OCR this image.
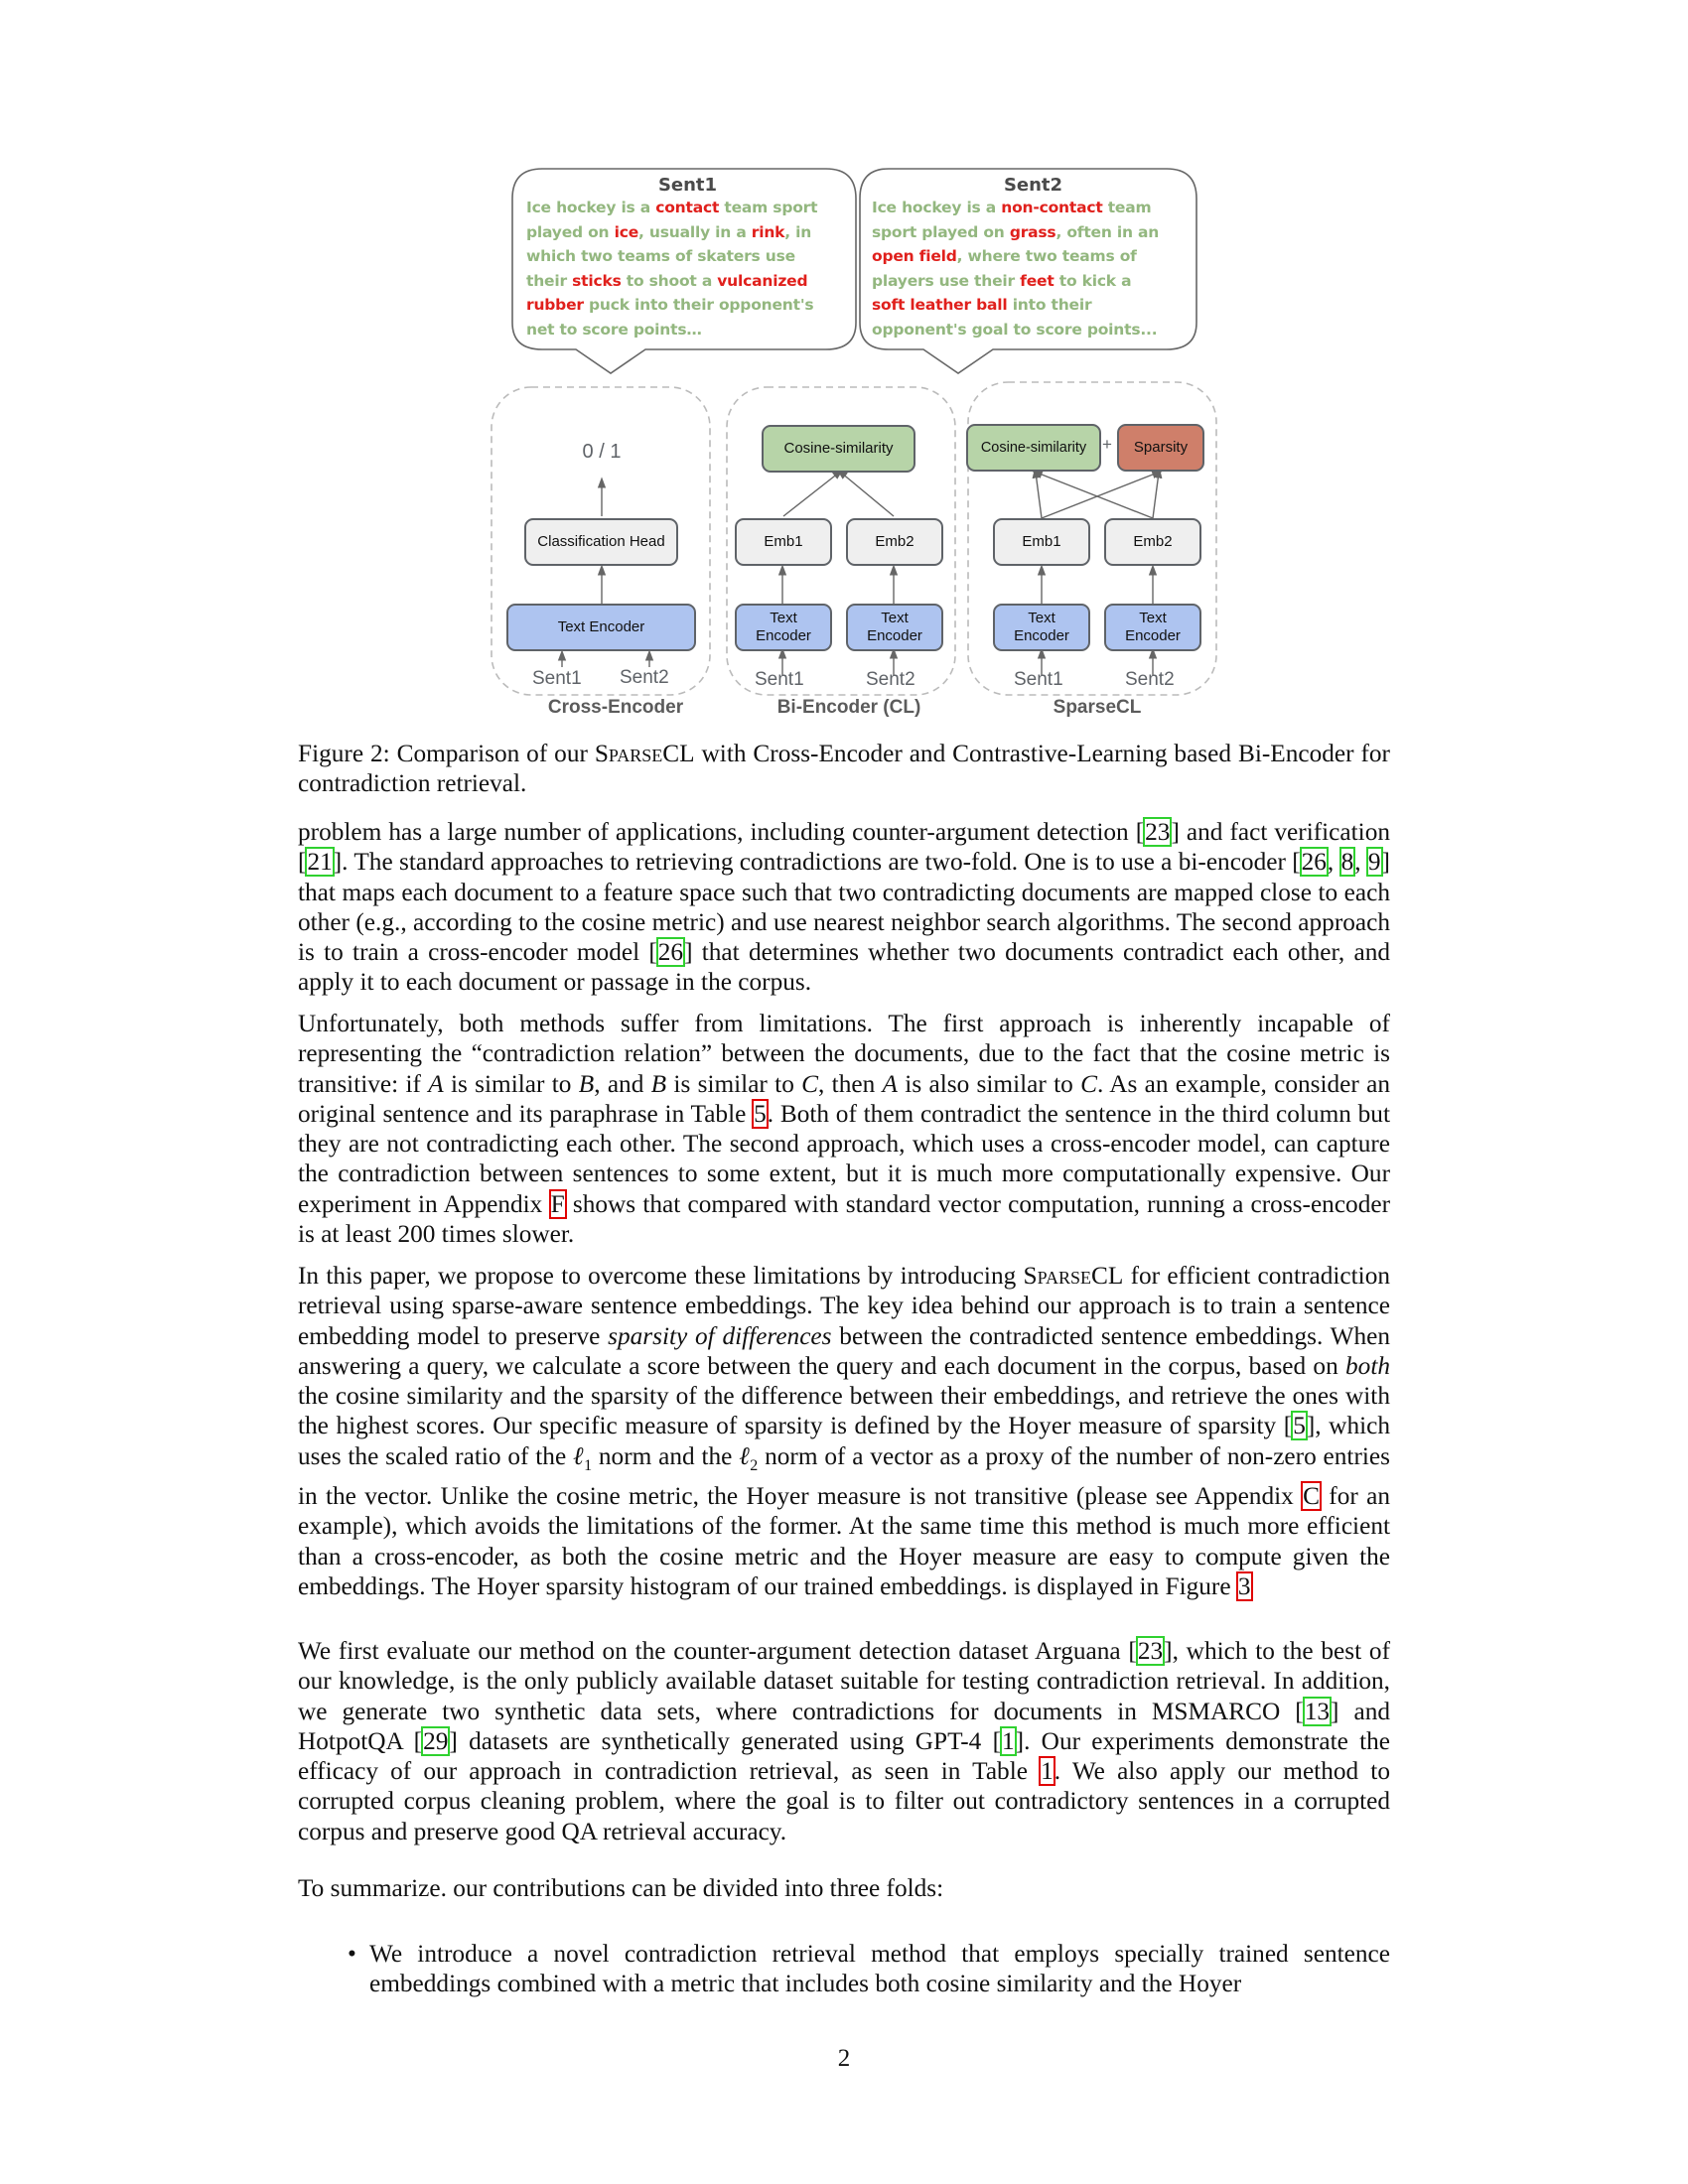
Sent1
Ice hockey is a contact team sport
played on ice, usually in a rink, in
which two teams of skaters use
their sticks to shoot a vulcanized
rubber puck into their opponent's
net to score points…
Sent2
Ice hockey is a non-contact team
sport played on grass, often in an
open field, where two teams of
players use their feet to kick a
soft leather ball into their
opponent's goal to score points...
0 / 1
Classification Head
Text Encoder
Sent1 Sent2
Cross-Encoder
Cosine-similarity
Emb1	Emb2
Text Encoder
Text Encoder
Sent1	Sent2
Bi-Encoder (CL)
Cosine-similarity +	Sparsity
Emb1	Emb2
Text Encoder
Text Encoder
Sent1	Sent2
SparseCL
Figure 2: Comparison of our SparseCL with Cross-Encoder and Contrastive-Learning based Bi-Encoder for contradiction retrieval.

problem has a large number of applications, including counter-argument detection [23] and fact verification [21]. The standard approaches to retrieving contradictions are two-fold. One is to use a bi-encoder [26, 8, 9] that maps each document to a feature space such that two contradicting documents are mapped close to each other (e.g., according to the cosine metric) and use nearest neighbor search algorithms. The second approach is to train a cross-encoder model [26] that determines whether two documents contradict each other, and apply it to each document or passage in the corpus.

Unfortunately, both methods suffer from limitations. The first approach is inherently incapable of representing the “contradiction relation” between the documents, due to the fact that the cosine metric is transitive: if A is similar to B, and B is similar to C, then A is also similar to C. As an example, consider an original sentence and its paraphrase in Table 5. Both of them contradict the sentence in the third column but they are not contradicting each other. The second approach, which uses a cross-encoder model, can capture the contradiction between sentences to some extent, but it is much more computationally expensive. Our experiment in Appendix F shows that compared with standard vector computation, running a cross-encoder is at least 200 times slower.

In this paper, we propose to overcome these limitations by introducing SparseCL for efficient contradiction retrieval using sparse-aware sentence embeddings. The key idea behind our approach is to train a sentence embedding model to preserve sparsity of differences between the contradicted sentence embeddings. When answering a query, we calculate a score between the query and each document in the corpus, based on both the cosine similarity and the sparsity of the difference between their embeddings, and retrieve the ones with the highest scores. Our specific measure of sparsity is defined by the Hoyer measure of sparsity [5], which uses the scaled ratio of the ℓ$_1$ norm and the ℓ$_2$ norm of a vector as a proxy of the number of non-zero entries in the vector. Unlike the cosine metric, the Hoyer measure is not transitive (please see Appendix C for an example), which avoids the limitations of the former. At the same time this method is much more efficient than a cross-encoder, as both the cosine metric and the Hoyer measure are easy to compute given the embeddings. The Hoyer sparsity histogram of our trained embeddings. is displayed in Figure 3

We first evaluate our method on the counter-argument detection dataset Arguana [23], which to the best of our knowledge, is the only publicly available dataset suitable for testing contradiction retrieval. In addition, we generate two synthetic data sets, where contradictions for documents in MSMARCO [13] and HotpotQA [29] datasets are synthetically generated using GPT-4 [1]. Our experiments demonstrate the efficacy of our approach in contradiction retrieval, as seen in Table 1. We also apply our method to corrupted corpus cleaning problem, where the goal is to filter out contradictory sentences in a corrupted corpus and preserve good QA retrieval accuracy.

To summarize. our contributions can be divided into three folds:

• We introduce a novel contradiction retrieval method that employs specially trained sentence embeddings combined with a metric that includes both cosine similarity and the Hoyer
2
